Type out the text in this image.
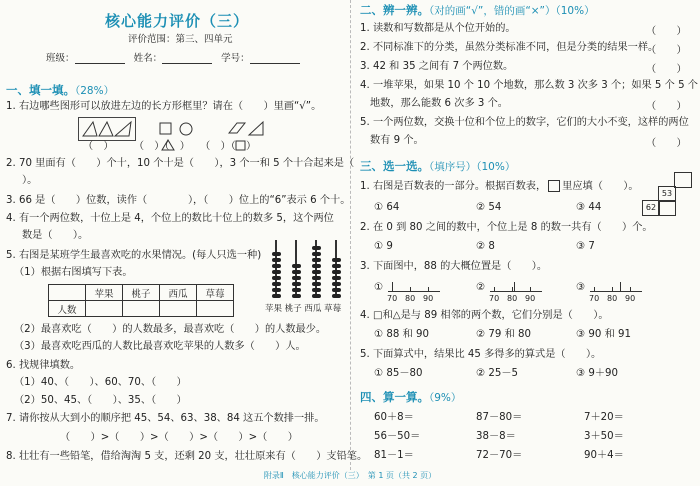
核心能力评价（三）
评价范围：第三、四单元
班级：	姓名：	学号：
一、填一填。（28%）
1. 右边哪些图形可以放进左边的长方形框里？请在（　　）里画“√”。
（　）　　　（　）（　）　　（　）（　）
2. 70 里面有（　　）个十，10 个十是（　　），3 个一和 5 个十合起来是（
）。
3. 66 是（　　）位数，读作（　　　　），（　　）位上的“6”表示 6 个十。
4. 有一个两位数，十位上是 4，个位上的数比十位上的数多 5，这个两位
数是（　　）。
5. 右图是某班学生最喜欢吃的水果情况。(每人只选一种)
（1）根据右图填写下表。
	苹果	桃子	西瓜	草莓
人数					苹果 桃子 西瓜 草莓
（2）最喜欢吃（　　）的人数最多，最喜欢吃（　　）的人数最少。
（3）最喜欢吃西瓜的人数比最喜欢吃苹果的人数多（　　）人。
6. 找规律填数。
（1）40、（　　）、60、70、（　　）
（2）50、45、（　　）、35、（　　）
7. 请你按从大到小的顺序把 45、54、63、38、84 这五个数排一排。
（　　）>（　　）>（　　）>（　　）>（　　）
8. 壮壮有一些铅笔，借给淘淘 5 支，还剩 20 支，壮壮原来有（　　）支铅笔。
二、辨一辨。（对的画“√”，错的画“×”）（10%）
1. 读数和写数都是从个位开始的。	（　　）
2. 不同标准下的分类，虽然分类标准不同，但是分类的结果一样。
（　　）
3. 42 和 35 之间有 7 个两位数。	（　　）
4. 一堆苹果，如果 10 个 10 个地数，那么数 3 次多 3 个；如果 5 个 5 个
地数，那么能数 6 次多 3 个。	（　　）
5. 一个两位数，交换十位和个位上的数字，它们的大小不变，这样的两位
数有 9 个。	（　　）
三、选一选。（填序号）（10%）
1. 右图是百数表的一部分。根据百数表， 里应填（　　）。
53
62
① 64	② 54	③ 44
2. 在 0 到 80 之间的数中，个位上是 8 的数一共有（　　）个。
① 9	② 8	③ 7
3. 下面图中，88 的大概位置是（　　）。
①
70 80 90
②
70 80 90
③
70 80 90
4. □和△是与 89 相邻的两个数，它们分别是（　　）。
① 88 和 90	② 79 和 80	③ 90 和 91
5. 下面算式中，结果比 45 多得多的算式是（　　）。
① 85－80	② 25－5	③ 9＋90
四、算一算。（9%）
60＋8＝	87－80＝	7＋20＝
56－50＝	38－8＝	3＋50＝
81－1＝	72－70＝	90＋4＝
附录Ⅱ　核心能力评价（三）　第 1 页（共 2 页）
